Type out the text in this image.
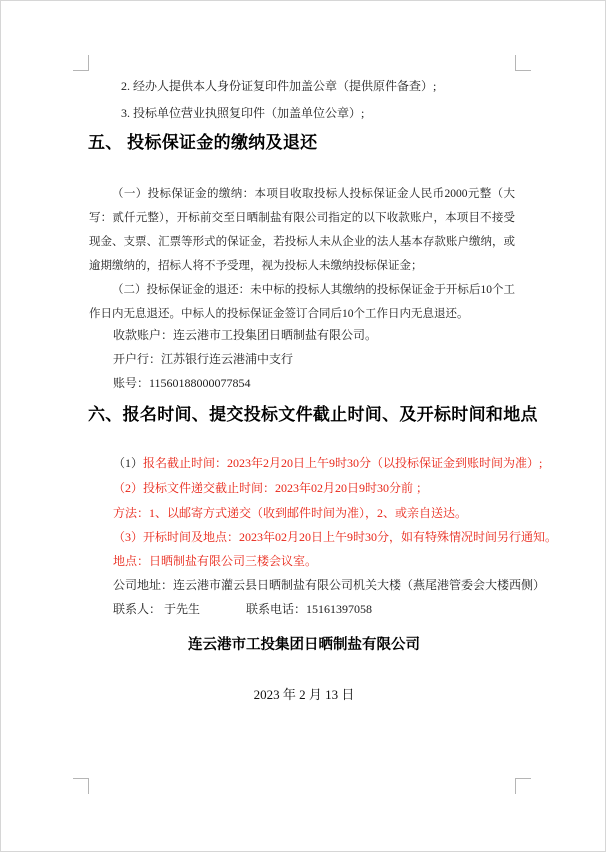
2. 经办人提供本人身份证复印件加盖公章（提供原件备查）;
3. 投标单位营业执照复印件（加盖单位公章）;
五、 投标保证金的缴纳及退还
（一）投标保证金的缴纳：本项目收取投标人投标保证金人民币2000元整（大写：贰仟元整），开标前交至日晒制盐有限公司指定的以下收款账户，本项目不接受现金、支票、汇票等形式的保证金，若投标人未从企业的法人基本存款账户缴纳，或逾期缴纳的，招标人将不予受理，视为投标人未缴纳投标保证金；
（二）投标保证金的退还：未中标的投标人其缴纳的投标保证金于开标后10个工作日内无息退还。中标人的投标保证金签订合同后10个工作日内无息退还。
收款账户：连云港市工投集团日晒制盐有限公司。
开户行：江苏银行连云港浦中支行
账号：11560188000077854
六、报名时间、提交投标文件截止时间、及开标时间和地点
（1）报名截止时间：2023年2月20日上午9时30分（以投标保证金到账时间为准）;
（2）投标文件递交截止时间：2023年02月20日9时30分前 ；
方法：1、以邮寄方式递交（收到邮件时间为准），2、或亲自送达。
（3）开标时间及地点：2023年02月20日上午9时30分，如有特殊情况时间另行通知。
地点：日晒制盐有限公司三楼会议室。
公司地址：连云港市灌云县日晒制盐有限公司机关大楼（燕尾港管委会大楼西侧）
联系人： 于先生	联系电话：15161397058
连云港市工投集团日晒制盐有限公司
2023 年 2 月 13 日
